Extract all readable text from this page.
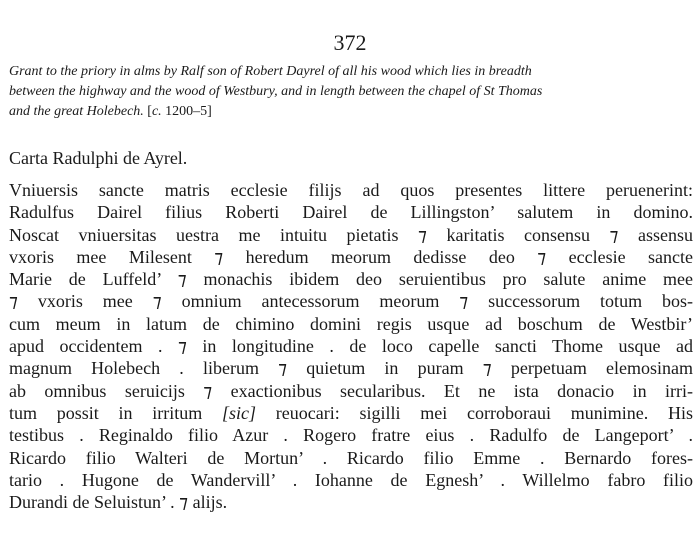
372
Grant to the priory in alms by Ralf son of Robert Dayrel of all his wood which lies in breadth
between the highway and the wood of Westbury, and in length between the chapel of St Thomas
and the great Holebech. [c. 1200–5]
Carta Radulphi de Ayrel.
Vniuersis sancte matris ecclesie filijs ad quos presentes littere peruenerint:
Radulfus Dairel filius Roberti Dairel de Lillingston’ salutem in domino.
Noscat vniuersitas uestra me intuitu pietatis ⁊ karitatis consensu ⁊ assensu
vxoris mee Milesent ⁊ heredum meorum dedisse deo ⁊ ecclesie sancte
Marie de Luffeld’ ⁊ monachis ibidem deo seruientibus pro salute anime mee
⁊ vxoris mee ⁊ omnium antecessorum meorum ⁊ successorum totum bos-
cum meum in latum de chimino domini regis usque ad boschum de Westbir’
apud occidentem . ⁊ in longitudine . de loco capelle sancti Thome usque ad
magnum Holebech . liberum ⁊ quietum in puram ⁊ perpetuam elemosinam
ab omnibus seruicijs ⁊ exactionibus secularibus. Et ne ista donacio in irri-
tum possit in irritum [sic] reuocari: sigilli mei corroboraui munimine. His
testibus . Reginaldo filio Azur . Rogero fratre eius . Radulfo de Langeport’ .
Ricardo filio Walteri de Mortun’ . Ricardo filio Emme . Bernardo fores-
tario . Hugone de Wandervill’ . Iohanne de Egnesh’ . Willelmo fabro filio
Durandi de Seluistun’ . ⁊ alijs.
